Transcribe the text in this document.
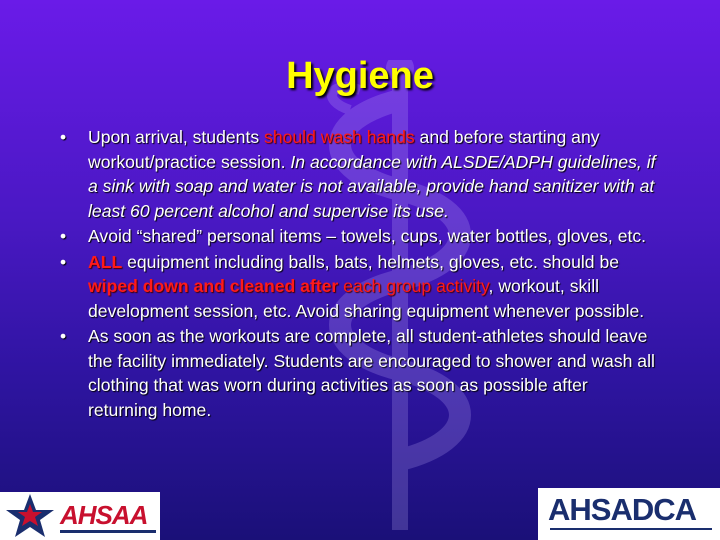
Hygiene
• Upon arrival, students should wash hands and before starting any workout/practice session. In accordance with ALSDE/ADPH guidelines, if a sink with soap and water is not available, provide hand sanitizer with at least 60 percent alcohol and supervise its use.
• Avoid “shared” personal items – towels, cups, water bottles, gloves, etc.
• ALL equipment including balls, bats, helmets, gloves, etc. should be wiped down and cleaned after each group activity, workout, skill development session, etc. Avoid sharing equipment whenever possible.
• As soon as the workouts are complete, all student-athletes should leave the facility immediately. Students are encouraged to shower and wash all clothing that was worn during activities as soon as possible after returning home.
AHSAA	AHSADCA
